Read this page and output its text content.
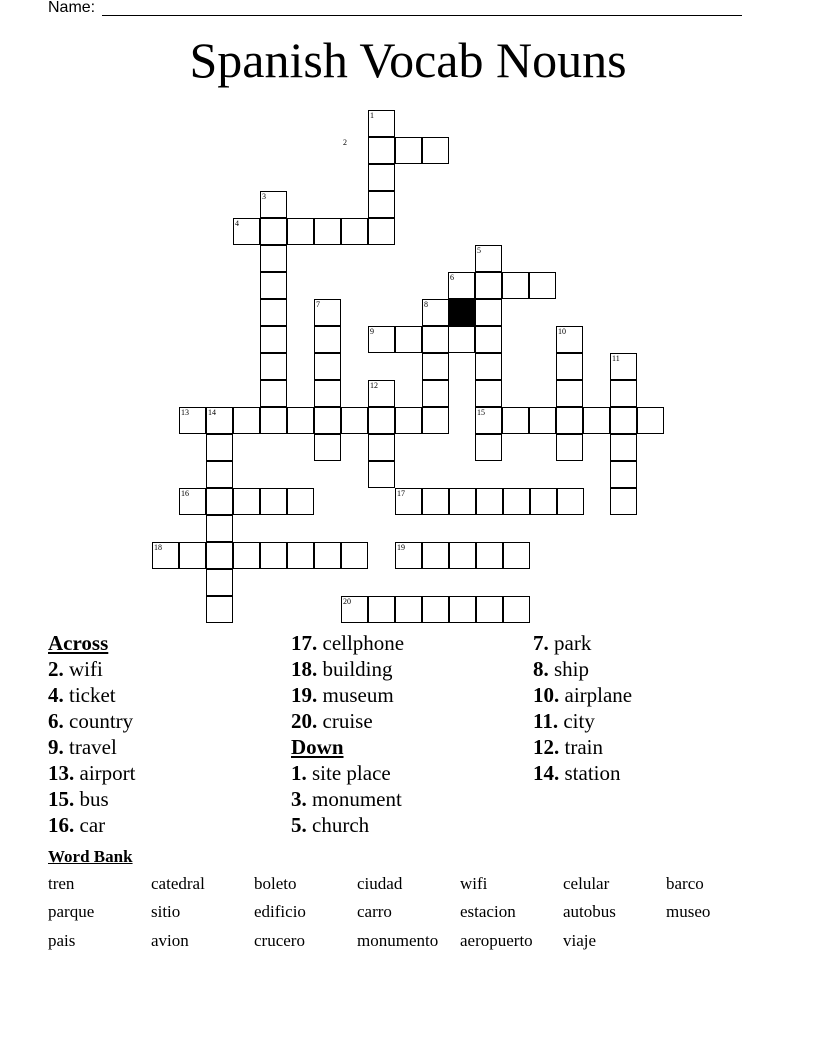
Name:
Spanish Vocab Nouns
1
2
3
4
5
6
7	8
9	10
11
12
13 14	15
16	17
18	19
20
Across
2. wifi
4. ticket
6. country
9. travel
13. airport
15. bus
16. car
17. cellphone
18. building
19. museum
20. cruise
Down
1. site place
3. monument
5. church
7. park
8. ship
10. airplane
11. city
12. train
14. station
Word Bank
tren	catedral	boleto	ciudad	wifi	celular	barco
parque	sitio	edificio	carro	estacion	autobus	museo
pais	avion	crucero	monumento aeropuerto viaje
